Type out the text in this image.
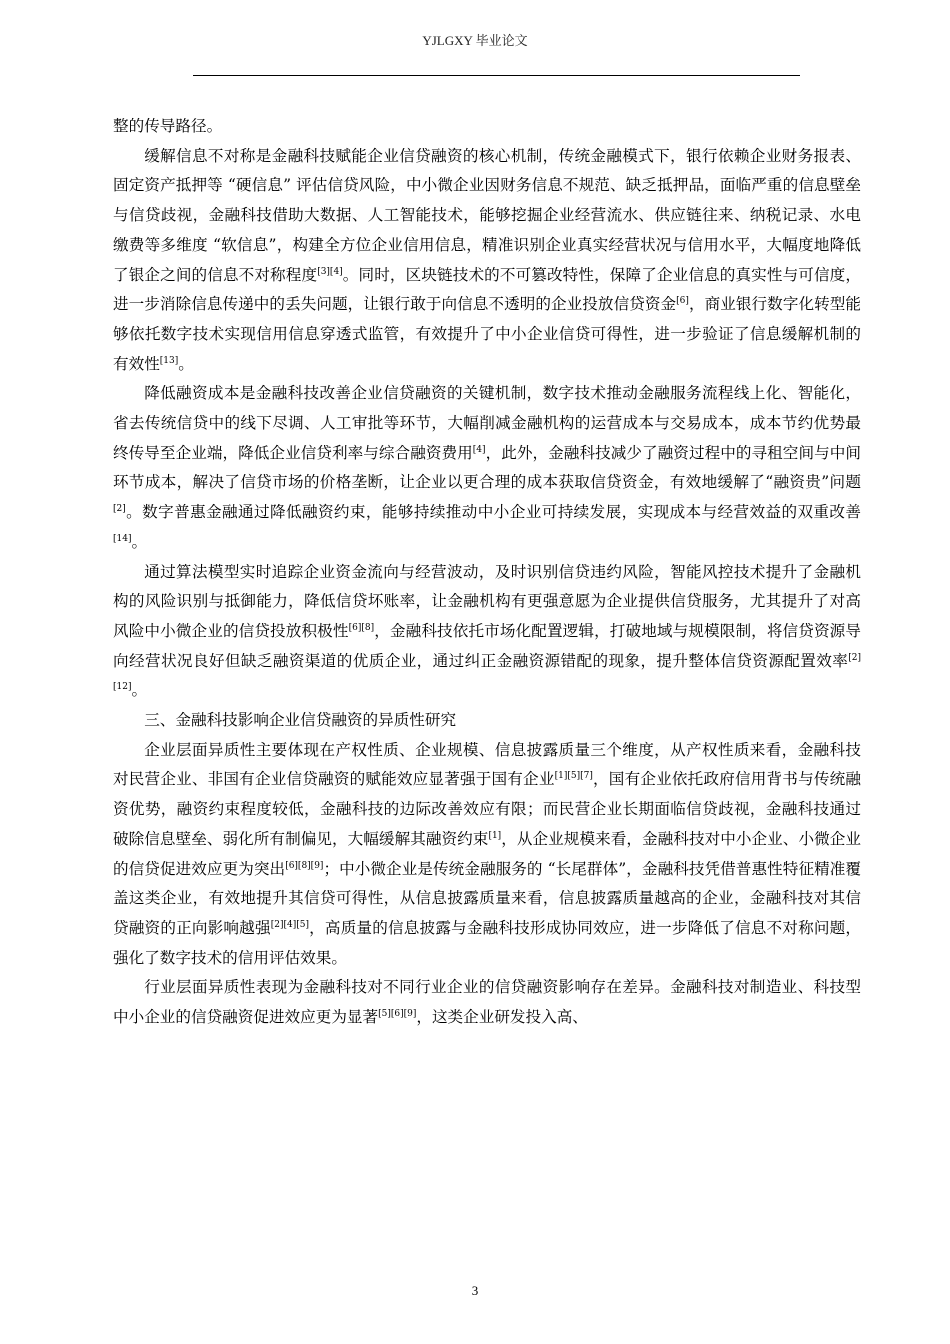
YJLGXY 毕业论文

整的传导路径。

缓解信息不对称是金融科技赋能企业信贷融资的核心机制，传统金融模式下，银行依赖企业财务报表、固定资产抵押等 “硬信息” 评估信贷风险，中小微企业因财务信息不规范、缺乏抵押品，面临严重的信息壁垒与信贷歧视，金融科技借助大数据、人工智能技术，能够挖掘企业经营流水、供应链往来、纳税记录、水电缴费等多维度 “软信息”，构建全方位企业信用信息，精准识别企业真实经营状况与信用水平，大幅度地降低了银企之间的信息不对称程度[3][4]。同时，区块链技术的不可篡改特性，保障了企业信息的真实性与可信度，进一步消除信息传递中的丢失问题，让银行敢于向信息不透明的企业投放信贷资金[6]，商业银行数字化转型能够依托数字技术实现信用信息穿透式监管，有效提升了中小企业信贷可得性，进一步验证了信息缓解机制的有效性[13]。

降低融资成本是金融科技改善企业信贷融资的关键机制，数字技术推动金融服务流程线上化、智能化，省去传统信贷中的线下尽调、人工审批等环节，大幅削减金融机构的运营成本与交易成本，成本节约优势最终传导至企业端，降低企业信贷利率与综合融资费用[4]，此外，金融科技减少了融资过程中的寻租空间与中间环节成本，解决了信贷市场的价格垄断，让企业以更合理的成本获取信贷资金，有效地缓解了“融资贵”问题[2]。数字普惠金融通过降低融资约束，能够持续推动中小企业可持续发展，实现成本与经营效益的双重改善[14]。

通过算法模型实时追踪企业资金流向与经营波动，及时识别信贷违约风险，智能风控技术提升了金融机构的风险识别与抵御能力，降低信贷坏账率，让金融机构有更强意愿为企业提供信贷服务，尤其提升了对高风险中小微企业的信贷投放积极性[6][8]，金融科技依托市场化配置逻辑，打破地域与规模限制，将信贷资源导向经营状况良好但缺乏融资渠道的优质企业，通过纠正金融资源错配的现象，提升整体信贷资源配置效率[2][12]。

三、金融科技影响企业信贷融资的异质性研究

企业层面异质性主要体现在产权性质、企业规模、信息披露质量三个维度，从产权性质来看，金融科技对民营企业、非国有企业信贷融资的赋能效应显著强于国有企业[1][5][7]，国有企业依托政府信用背书与传统融资优势，融资约束程度较低，金融科技的边际改善效应有限；而民营企业长期面临信贷歧视，金融科技通过破除信息壁垒、弱化所有制偏见，大幅缓解其融资约束[1]，从企业规模来看，金融科技对中小企业、小微企业的信贷促进效应更为突出[6][8][9]；中小微企业是传统金融服务的 “长尾群体”，金融科技凭借普惠性特征精准覆盖这类企业，有效地提升其信贷可得性，从信息披露质量来看，信息披露质量越高的企业，金融科技对其信贷融资的正向影响越强[2][4][5]，高质量的信息披露与金融科技形成协同效应，进一步降低了信息不对称问题，强化了数字技术的信用评估效果。

行业层面异质性表现为金融科技对不同行业企业的信贷融资影响存在差异。金融科技对制造业、科技型中小企业的信贷融资促进效应更为显著[5][6][9]，这类企业研发投入高、

3
